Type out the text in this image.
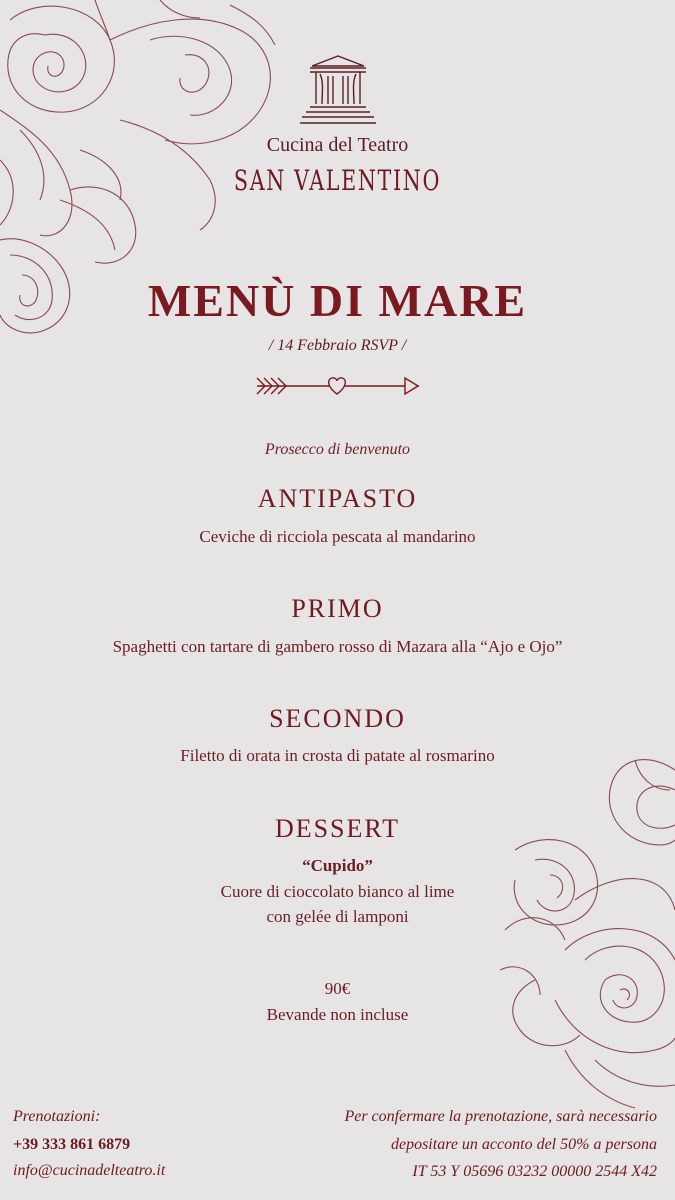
Cucina del Teatro
SAN VALENTINO
MENÙ DI MARE
/ 14 Febbraio RSVP /
Prosecco di benvenuto
ANTIPASTO
Ceviche di ricciola pescata al mandarino
PRIMO
Spaghetti con tartare di gambero rosso di Mazara alla “Ajo e Ojo”
SECONDO
Filetto di orata in crosta di patate al rosmarino
DESSERT
“Cupido”
Cuore di cioccolato bianco al lime
con gelée di lamponi
90€
Bevande non incluse
Prenotazioni:
+39 333 861 6879
info@cucinadelteatro.it
Per confermare la prenotazione, sarà necessario
depositare un acconto del 50% a persona
IT 53 Y 05696 03232 00000 2544 X42
